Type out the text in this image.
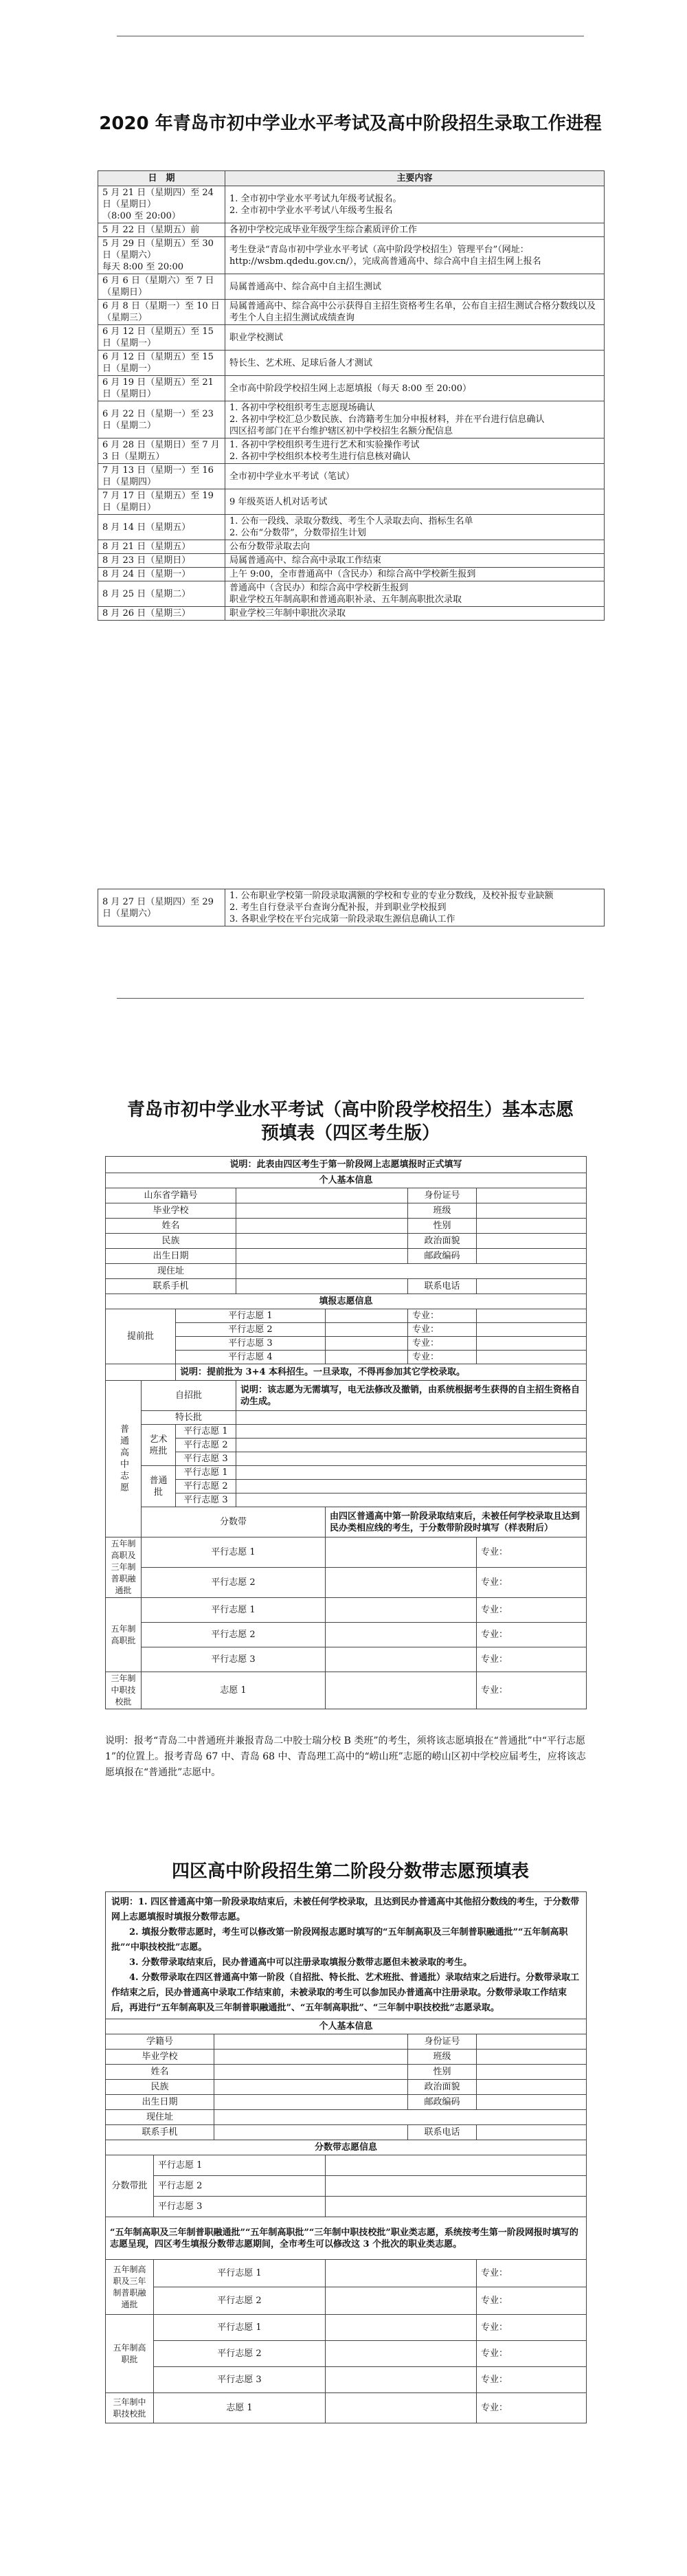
2020 年青岛市初中学业水平考试及高中阶段招生录取工作进程
日　期	主要内容

5 月 21 日（星期四）至 24 日（星期日）
（8:00 至 20:00）	1. 全市初中学业水平考试九年级考试报名。
2. 全市初中学业水平考试八年级考生报名

5 月 22 日（星期五）前	各初中学校完成毕业年级学生综合素质评价工作

5 月 29 日（星期五）至 30 日（星期六）
每天 8:00 至 20:00	考生登录“青岛市初中学业水平考试（高中阶段学校招生）管理平台”（网址：http://wsbm.qdedu.gov.cn/），完成高普通高中、综合高中自主招生网上报名

6 月 6 日（星期六）至 7 日（星期日）	局属普通高中、综合高中自主招生测试

6 月 8 日（星期一）至 10 日（星期三）	局属普通高中、综合高中公示获得自主招生资格考生名单，公布自主招生测试合格分数线以及考生个人自主招生测试成绩查询

6 月 12 日（星期五）至 15 日（星期一）	职业学校测试

6 月 12 日（星期五）至 15 日（星期一）	特长生、艺术班、足球后备人才测试

6 月 19 日（星期五）至 21 日（星期日）	全市高中阶段学校招生网上志愿填报（每天 8:00 至 20:00）

6 月 22 日（星期一）至 23 日（星期二）	1. 各初中学校组织考生志愿现场确认
2. 各初中学校汇总少数民族、台湾籍考生加分申报材料，并在平台进行信息确认
四区招考部门在平台维护辖区初中学校招生名额分配信息

6 月 28 日（星期日）至 7 月 3 日（星期五）	1. 各初中学校组织考生进行艺术和实验操作考试
2. 各初中学校组织本校考生进行信息核对确认

7 月 13 日（星期一）至 16 日（星期四）	全市初中学业水平考试（笔试）

7 月 17 日（星期五）至 19 日（星期日）	9 年级英语人机对话考试

8 月 14 日（星期五）	1. 公布一段线、录取分数线、考生个人录取去向、指标生名单
2. 公布“分数带”，分数带招生计划

8 月 21 日（星期五）	公布分数带录取去向

8 月 23 日（星期日）	局属普通高中、综合高中录取工作结束

8 月 24 日（星期一）	上午 9:00，全市普通高中（含民办）和综合高中学校新生报到

8 月 25 日（星期二）	普通高中（含民办）和综合高中学校新生报到
职业学校五年制高职和普通高职补录、五年制高职批次录取

8 月 26 日（星期三）	职业学校三年制中职批次录取
8 月 27 日（星期四）至 29 日（星期六）

1. 公布职业学校第一阶段录取满额的学校和专业的专业分数线，及校补报专业缺额
2. 考生自行登录平台查询分配补报，并到职业学校报到
3. 各职业学校在平台完成第一阶段录取生源信息确认工作
青岛市初中学业水平考试（高中阶段学校招生）基本志愿
预填表（四区考生版）
说明：此表由四区考生于第一阶段网上志愿填报时正式填写						
个人基本信息						
山东省学籍号					身份证号	
毕业学校					班级	
姓名					性别	
民族					政治面貌	
出生日期					邮政编码	
现住址						
联系手机					联系电话	
填报志愿信息						
提前批		平行志愿 1			专业：	
		平行志愿 2			专业：	
		平行志愿 3			专业：	
		平行志愿 4			专业：	
		说明：提前批为 3+4 本科招生。一旦录取，不得再参加其它学校录取。				
普通高中志愿	自招批		说明：该志愿为无需填写，电无法修改及撤销，由系统根据考生获得的自主招生资格自动生成。			
	特长批					
	艺术班批	平行志愿 1				
		平行志愿 2				
		平行志愿 3				
	普通批	平行志愿 1				
		平行志愿 2				
		平行志愿 3				
	分数带			由四区普通高中第一阶段录取结束后，未被任何学校录取且达到民办类相应线的考生，于分数带阶段时填写（样表附后）		
五年制高职及三年制普职融通批	平行志愿 1					专业：
	平行志愿 2					专业：
五年制高职批	平行志愿 1					专业：
	平行志愿 2					专业：
	平行志愿 3					专业：
三年制中职技校批	志愿 1					专业：
说明：报考“青岛二中普通班并兼报青岛二中胶士瑞分校 B 类班”的考生，须将该志愿填报在“普通批”中“平行志愿 1”的位置上。报考青岛 67 中、青岛 68 中、青岛理工高中的“崂山班”志愿的崂山区初中学校应届考生，应将该志愿填报在“普通批”志愿中。
四区高中阶段招生第二阶段分数带志愿预填表
说明：1. 四区普通高中第一阶段录取结束后，未被任何学校录取，且达到民办普通高中其他招分数线的考生，于分数带网上志愿填报时填报分数带志愿。
2. 填报分数带志愿时，考生可以修改第一阶段网报志愿时填写的“五年制高职及三年制普职融通批”“五年制高职批”“中职技校批”志愿。
3. 分数带录取结束后，民办普通高中可以注册录取填报分数带志愿但未被录取的考生。
4. 分数带录取在四区普通高中第一阶段（自招批、特长批、艺术班批、普通批）录取结束之后进行。分数带录取工作结束之后，民办普通高中录取工作结束前，未被录取的考生可以参加民办普通高中注册录取。分数带录取工作结束后，再进行“五年制高职及三年制普职融通批”、“五年制高职批”、“三年制中职技校批”志愿录取。					

个人基本信息					
学籍号				身份证号	
毕业学校				班级	
姓名				性别	
民族				政治面貌	
出生日期				邮政编码	
现住址					
联系手机				联系电话	
分数带志愿信息					
分数带批	平行志愿 1				
	平行志愿 2				
	平行志愿 3				
“五年制高职及三年制普职融通批”“五年制高职批”“三年制中职技校批”职业类志愿，系统按考生第一阶段网报时填写的志愿呈现，四区考生填报分数带志愿期间，全市考生可以修改这 3 个批次的职业类志愿。					
五年制高职及三年制普职融通批	平行志愿 1				专业：
	平行志愿 2				专业：
五年制高职批	平行志愿 1				专业：
	平行志愿 2				专业：
	平行志愿 3				专业：
三年制中职技校批	志愿 1				专业：
